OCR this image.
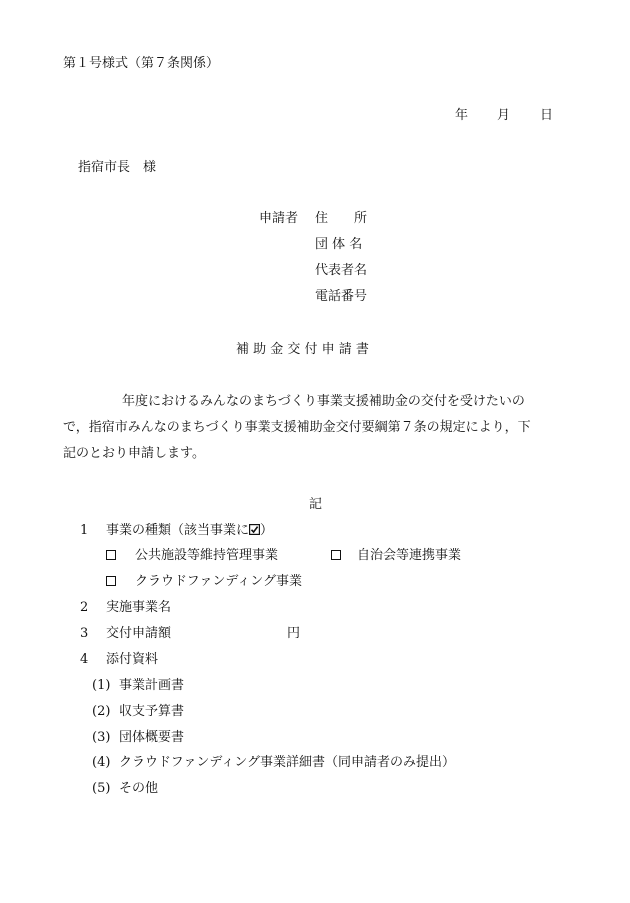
第１号様式（第７条関係）
年 月 日
指宿市長　様
申請者 住　　所
団 体 名
代表者名
電話番号
補 助 金 交 付 申 請 書
年度におけるみんなのまちづくり事業支援補助金の交付を受けたいの
で，指宿市みんなのまちづくり事業支援補助金交付要綱第７条の規定により，下
記のとおり申請します。
記
1 事業の種類（該当事業に ）
公共施設等維持管理事業	自治会等連携事業
クラウドファンディング事業
2 実施事業名
3 交付申請額	円
4 添付資料
(1) 事業計画書
(2) 収支予算書
(3) 団体概要書
(4) クラウドファンディング事業詳細書（同申請者のみ提出）
(5) その他
